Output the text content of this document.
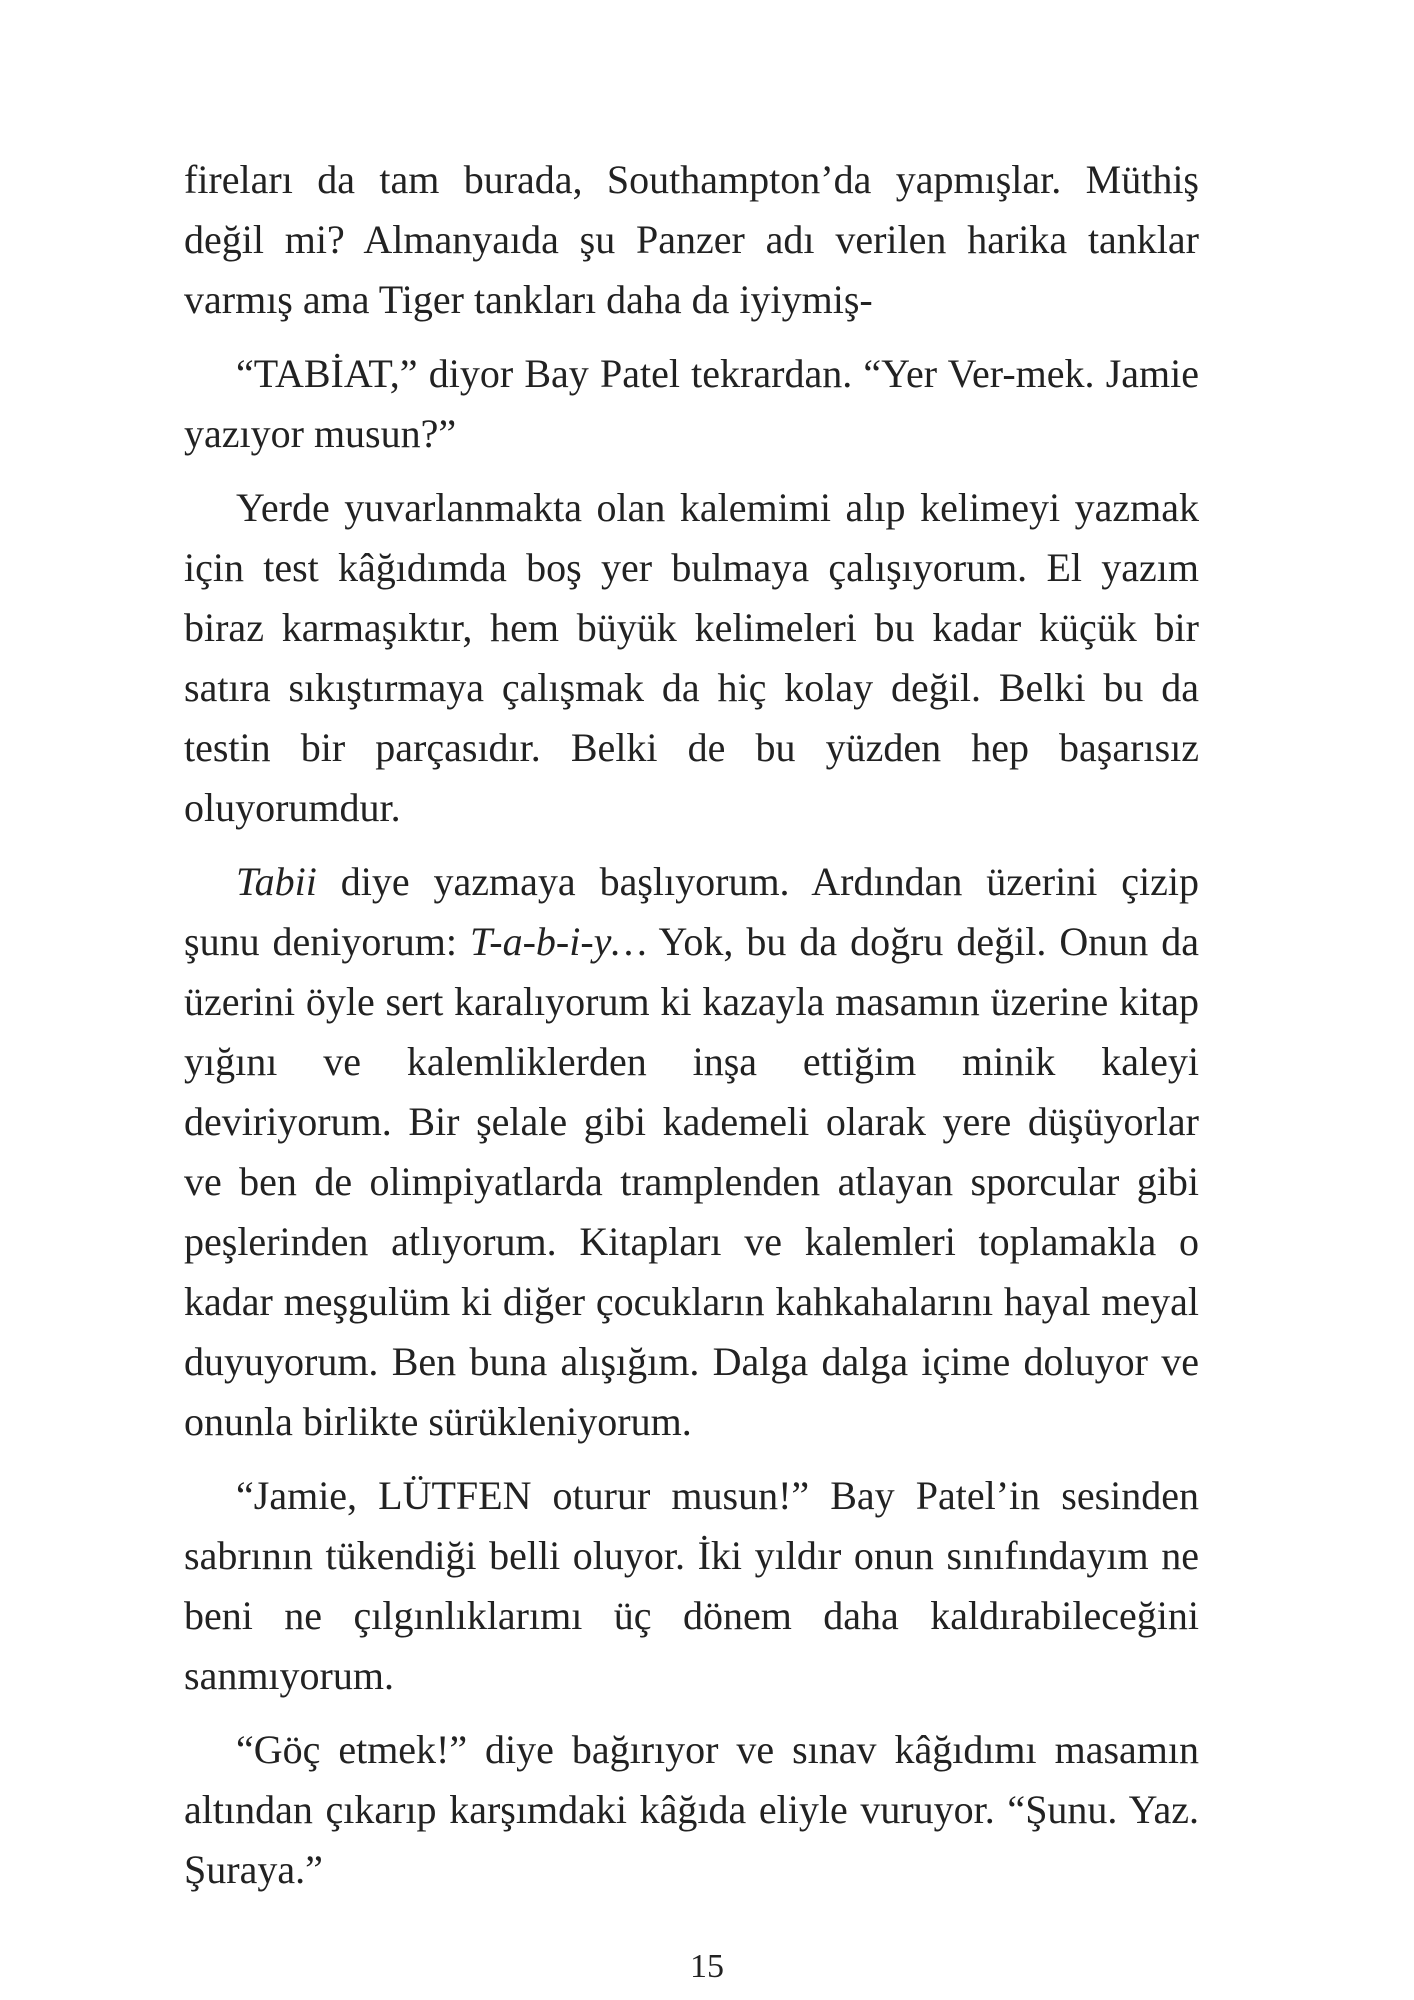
fireları da tam burada, Southampton’da yapmışlar. Müthiş değil mi? Almanyaıda şu Panzer adı verilen harika tanklar varmış ama Tiger tankları daha da iyiymiş-

“TABİAT,” diyor Bay Patel tekrardan. “Yer Ver-mek. Jamie yazıyor musun?”

Yerde yuvarlanmakta olan kalemimi alıp kelimeyi yazmak için test kâğıdımda boş yer bulmaya çalışıyorum. El yazım biraz karmaşıktır, hem büyük kelimeleri bu kadar küçük bir satıra sıkıştırmaya çalışmak da hiç kolay değil. Belki bu da testin bir parçasıdır. Belki de bu yüzden hep başarısız oluyorumdur.

Tabii diye yazmaya başlıyorum. Ardından üzerini çizip şunu deniyorum: T-a-b-i-y… Yok, bu da doğru değil. Onun da üzerini öyle sert karalıyorum ki kazayla masamın üzerine kitap yığını ve kalemliklerden inşa ettiğim minik kaleyi deviriyorum. Bir şelale gibi kademeli olarak yere düşüyorlar ve ben de olimpiyatlarda tramplenden atlayan sporcular gibi peşlerinden atlıyorum. Kitapları ve kalemleri toplamakla o kadar meşgulüm ki diğer çocukların kahkahalarını hayal meyal duyuyorum. Ben buna alışığım. Dalga dalga içime doluyor ve onunla birlikte sürükleniyorum.

“Jamie, LÜTFEN oturur musun!” Bay Patel’in sesinden sabrının tükendiği belli oluyor. İki yıldır onun sınıfındayım ne beni ne çılgınlıklarımı üç dönem daha kaldırabileceğini sanmıyorum.

“Göç etmek!” diye bağırıyor ve sınav kâğıdımı masamın altından çıkarıp karşımdaki kâğıda eliyle vuruyor. “Şunu. Yaz. Şuraya.”

15
